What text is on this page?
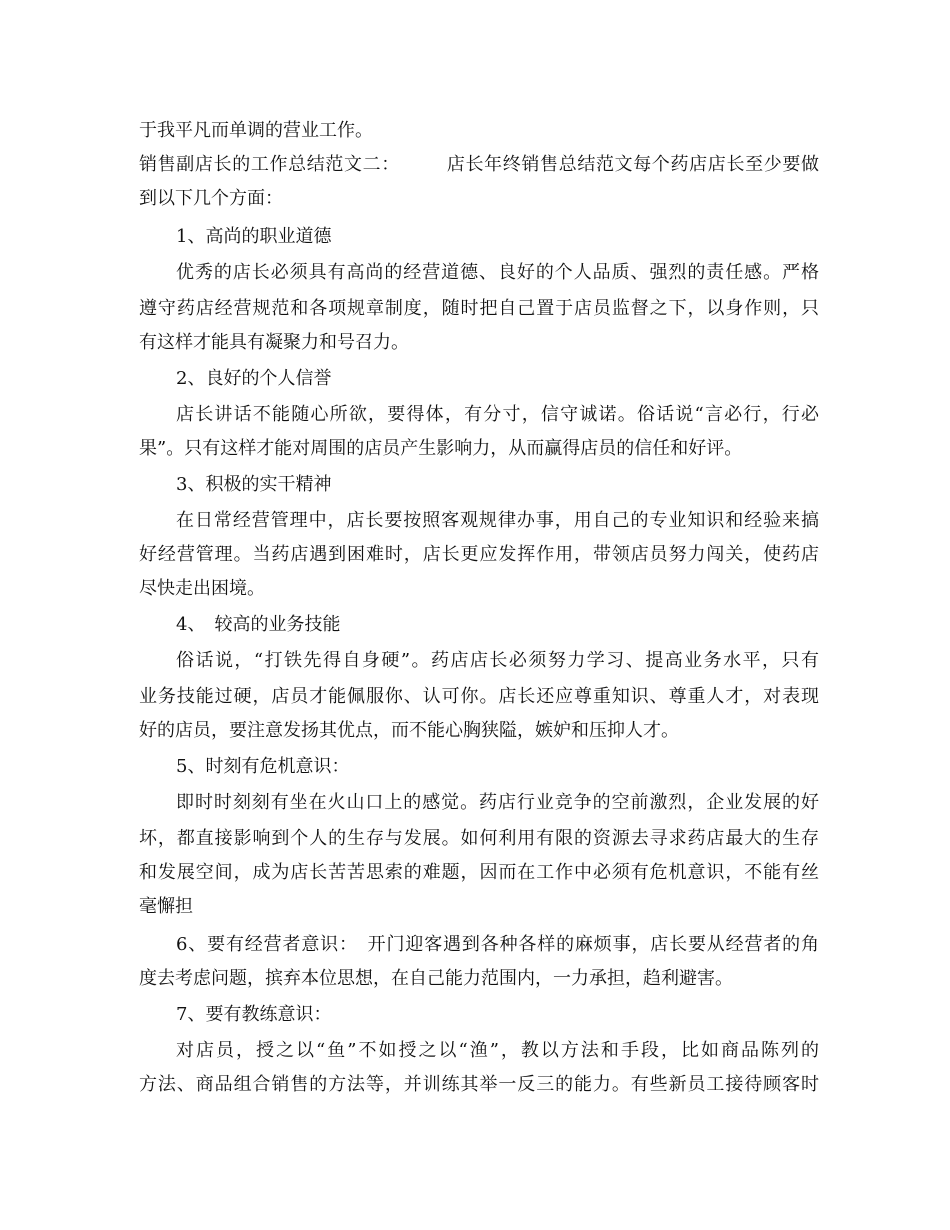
于我平凡而单调的营业工作。
销售副店长的工作总结范文二：　　　店长年终销售总结范文每个药店店长至少要做
到以下几个方面：
1、高尚的职业道德
优秀的店长必须具有高尚的经营道德、良好的个人品质、强烈的责任感。严格
遵守药店经营规范和各项规章制度，随时把自己置于店员监督之下，以身作则，只
有这样才能具有凝聚力和号召力。
2、良好的个人信誉
店长讲话不能随心所欲，要得体，有分寸，信守诚诺。俗话说“言必行，行必
果”。只有这样才能对周围的店员产生影响力，从而赢得店员的信任和好评。
3、积极的实干精神
在日常经营管理中，店长要按照客观规律办事，用自己的专业知识和经验来搞
好经营管理。当药店遇到困难时，店长更应发挥作用，带领店员努力闯关，使药店
尽快走出困境。
4、　较高的业务技能
俗话说，“打铁先得自身硬”。药店店长必须努力学习、提高业务水平，只有
业务技能过硬，店员才能佩服你、认可你。店长还应尊重知识、尊重人才，对表现
好的店员，要注意发扬其优点，而不能心胸狭隘，嫉妒和压抑人才。
5、时刻有危机意识：
即时时刻刻有坐在火山口上的感觉。药店行业竞争的空前激烈，企业发展的好
坏，都直接影响到个人的生存与发展。如何利用有限的资源去寻求药店最大的生存
和发展空间，成为店长苦苦思索的难题，因而在工作中必须有危机意识，不能有丝
毫懈担
6、要有经营者意识：　开门迎客遇到各种各样的麻烦事，店长要从经营者的角
度去考虑问题，摈弃本位思想，在自己能力范围内，一力承担，趋利避害。
7、要有教练意识：
对店员，授之以“鱼”不如授之以“渔”，教以方法和手段，比如商品陈列的
方法、商品组合销售的方法等，并训练其举一反三的能力。有些新员工接待顾客时
